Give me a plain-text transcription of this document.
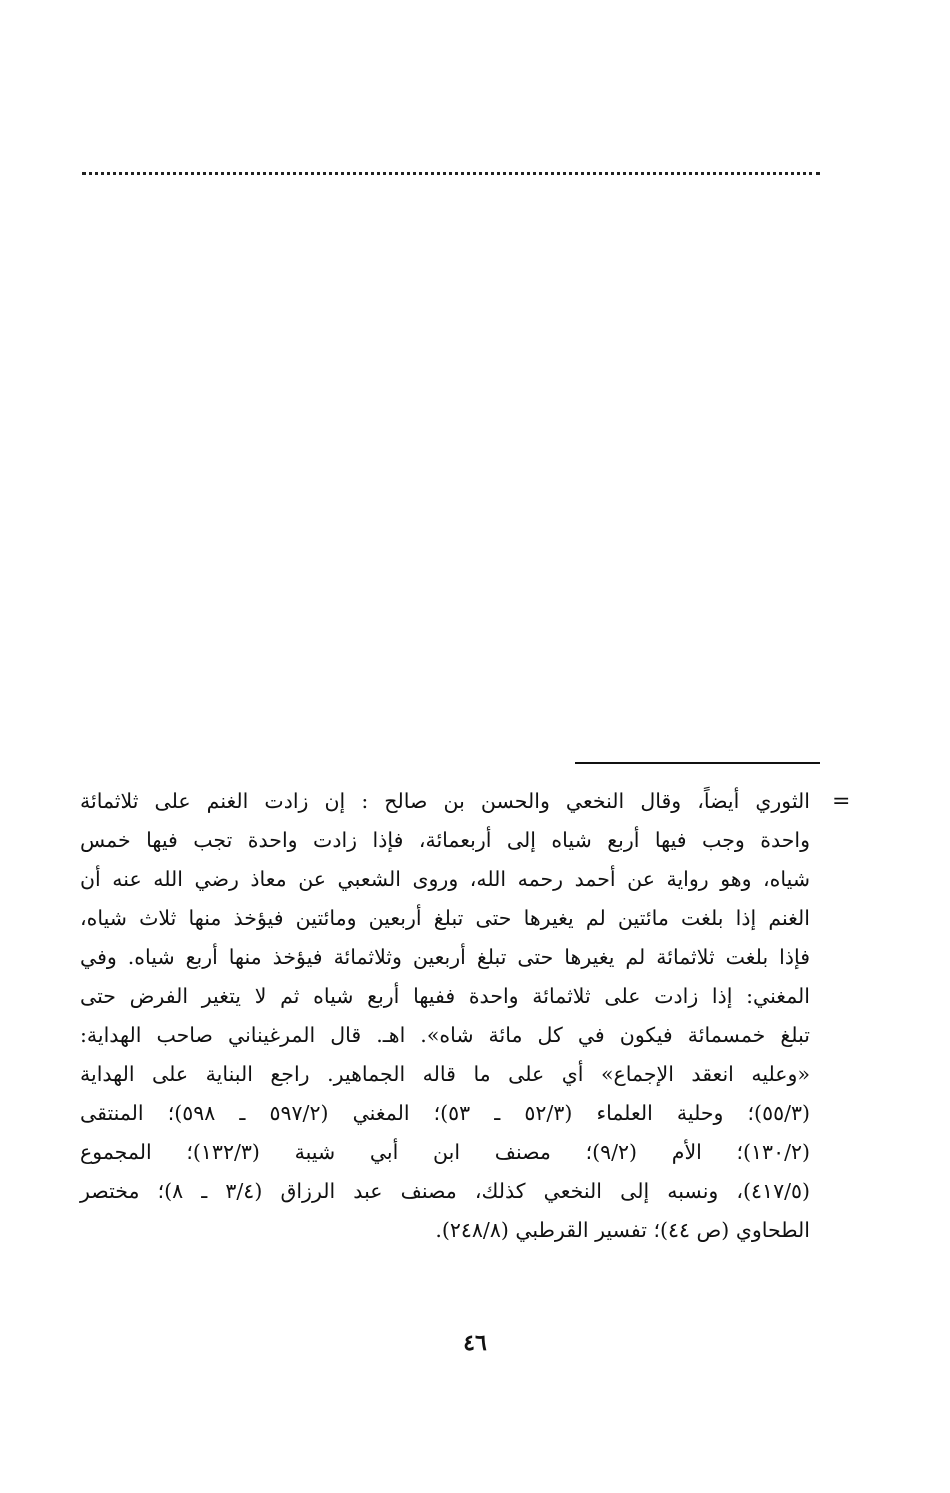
=
الثوري أيضاً، وقال النخعي والحسن بن صالح : إن زادت الغنم على ثلاثمائة
واحدة وجب فيها أربع شياه إلى أربعمائة، فإذا زادت واحدة تجب فيها خمس
شياه، وهو رواية عن أحمد رحمه الله، وروى الشعبي عن معاذ رضي الله عنه أن
الغنم إذا بلغت مائتين لم يغيرها حتى تبلغ أربعين ومائتين فيؤخذ منها ثلاث شياه،
فإذا بلغت ثلاثمائة لم يغيرها حتى تبلغ أربعين وثلاثمائة فيؤخذ منها أربع شياه. وفي
المغني: إذا زادت على ثلاثمائة واحدة ففيها أربع شياه ثم لا يتغير الفرض حتى
تبلغ خمسمائة فيكون في كل مائة شاه». اهـ. قال المرغيناني صاحب الهداية:
«وعليه انعقد الإجماع» أي على ما قاله الجماهير. راجع البناية على الهداية
(٥٥/٣)؛ وحلية العلماء (٥٢/٣ ـ ٥٣)؛ المغني (٥٩٧/٢ ـ ٥٩٨)؛ المنتقى
(١٣٠/٢)؛ الأم (٩/٢)؛ مصنف ابن أبي شيبة (١٣٢/٣)؛ المجموع
(٤١٧/٥)، ونسبه إلى النخعي كذلك، مصنف عبد الرزاق (٣/٤ ـ ٨)؛ مختصر
الطحاوي (ص ٤٤)؛ تفسير القرطبي (٢٤٨/٨).
٤٦
